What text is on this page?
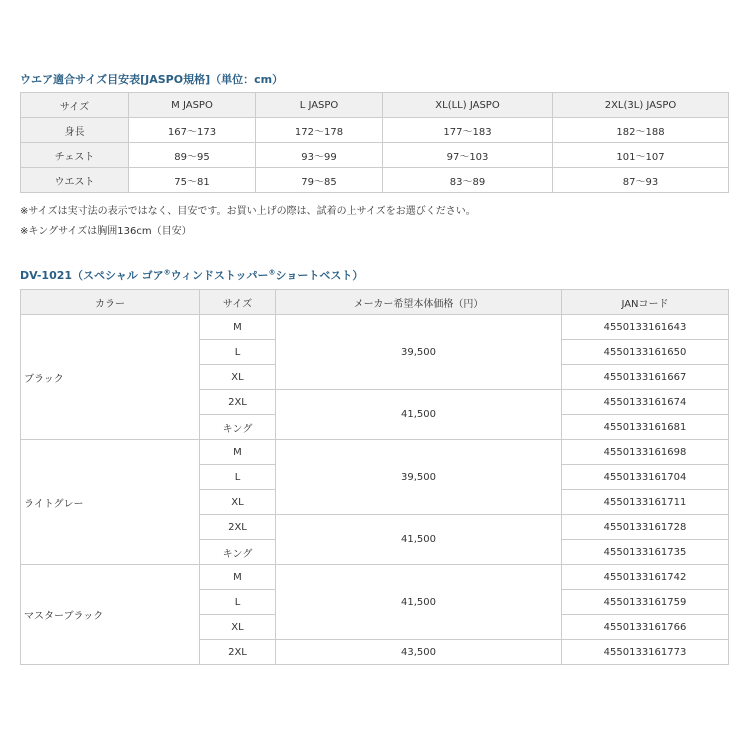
ウエア適合サイズ目安表[JASPO規格]（単位：cm）
サイズ	M JASPO	L JASPO	XL(LL) JASPO	2XL(3L) JASPO
身長	167〜173	172〜178	177〜183	182〜188
チェスト	89〜95	93〜99	97〜103	101〜107
ウエスト	75〜81	79〜85	83〜89	87〜93
※サイズは実寸法の表示ではなく、目安です。お買い上げの際は、試着の上サイズをお選びください。
※キングサイズは胸囲136cm（目安）
DV-1021（スペシャル ゴア®ウィンドストッパー®ショートベスト）
カラー	サイズ	メーカー希望本体価格（円）	JANコード
ブラック	M	39,500	4550133161643
	L		4550133161650
	XL		4550133161667
	2XL	41,500	4550133161674
	キング		4550133161681
ライトグレー	M	39,500	4550133161698
	L		4550133161704
	XL		4550133161711
	2XL	41,500	4550133161728
	キング		4550133161735
マスターブラック	M	41,500	4550133161742
	L		4550133161759
	XL		4550133161766
	2XL	43,500	4550133161773
